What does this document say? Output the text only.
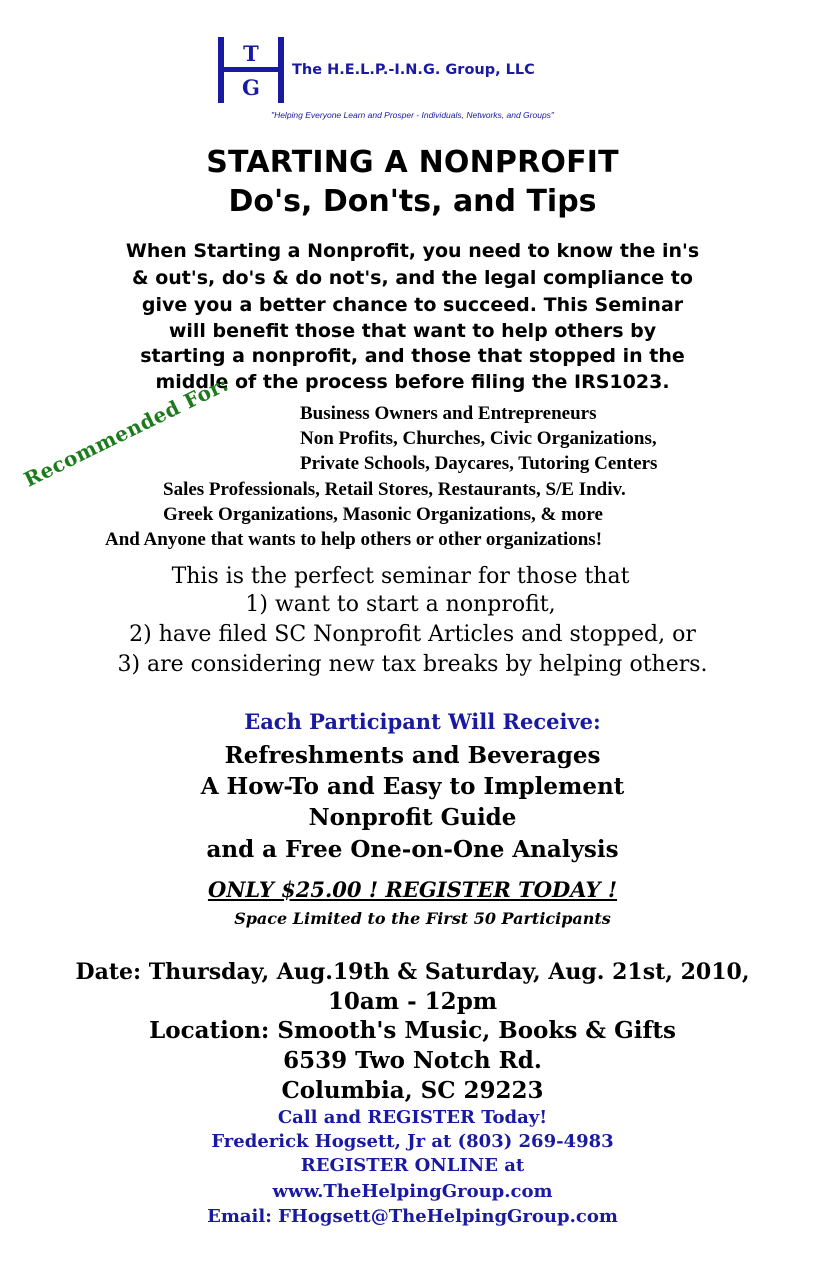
T
G
The H.E.L.P.-I.N.G. Group, LLC
"Helping Everyone Learn and Prosper - Individuals, Networks, and Groups"
STARTING A NONPROFIT
Do's, Don'ts, and Tips
When Starting a Nonprofit, you need to know the in's
& out's, do's & do not's, and the legal compliance to
give you a better chance to succeed. This Seminar
will benefit those that want to help others by
starting a nonprofit, and those that stopped in the
middle of the process before filing the IRS1023.
Recommended For:	Business Owners and Entrepreneurs
Non Profits, Churches, Civic Organizations,
Private Schools, Daycares, Tutoring Centers
Sales Professionals, Retail Stores, Restaurants, S/E Indiv.
Greek Organizations, Masonic Organizations, & more
And Anyone that wants to help others or other organizations!
This is the perfect seminar for those that
1) want to start a nonprofit,
2) have filed SC Nonprofit Articles and stopped, or
3) are considering new tax breaks by helping others.
Each Participant Will Receive:
Refreshments and Beverages
A How-To and Easy to Implement
Nonprofit Guide
and a Free One-on-One Analysis
ONLY $25.00 ! REGISTER TODAY !
Space Limited to the First 50 Participants
Date: Thursday, Aug.19th & Saturday, Aug. 21st, 2010,
10am - 12pm
Location: Smooth's Music, Books & Gifts
6539 Two Notch Rd.
Columbia, SC 29223
Call and REGISTER Today!
Frederick Hogsett, Jr at (803) 269-4983
REGISTER ONLINE at
www.TheHelpingGroup.com
Email: FHogsett@TheHelpingGroup.com
